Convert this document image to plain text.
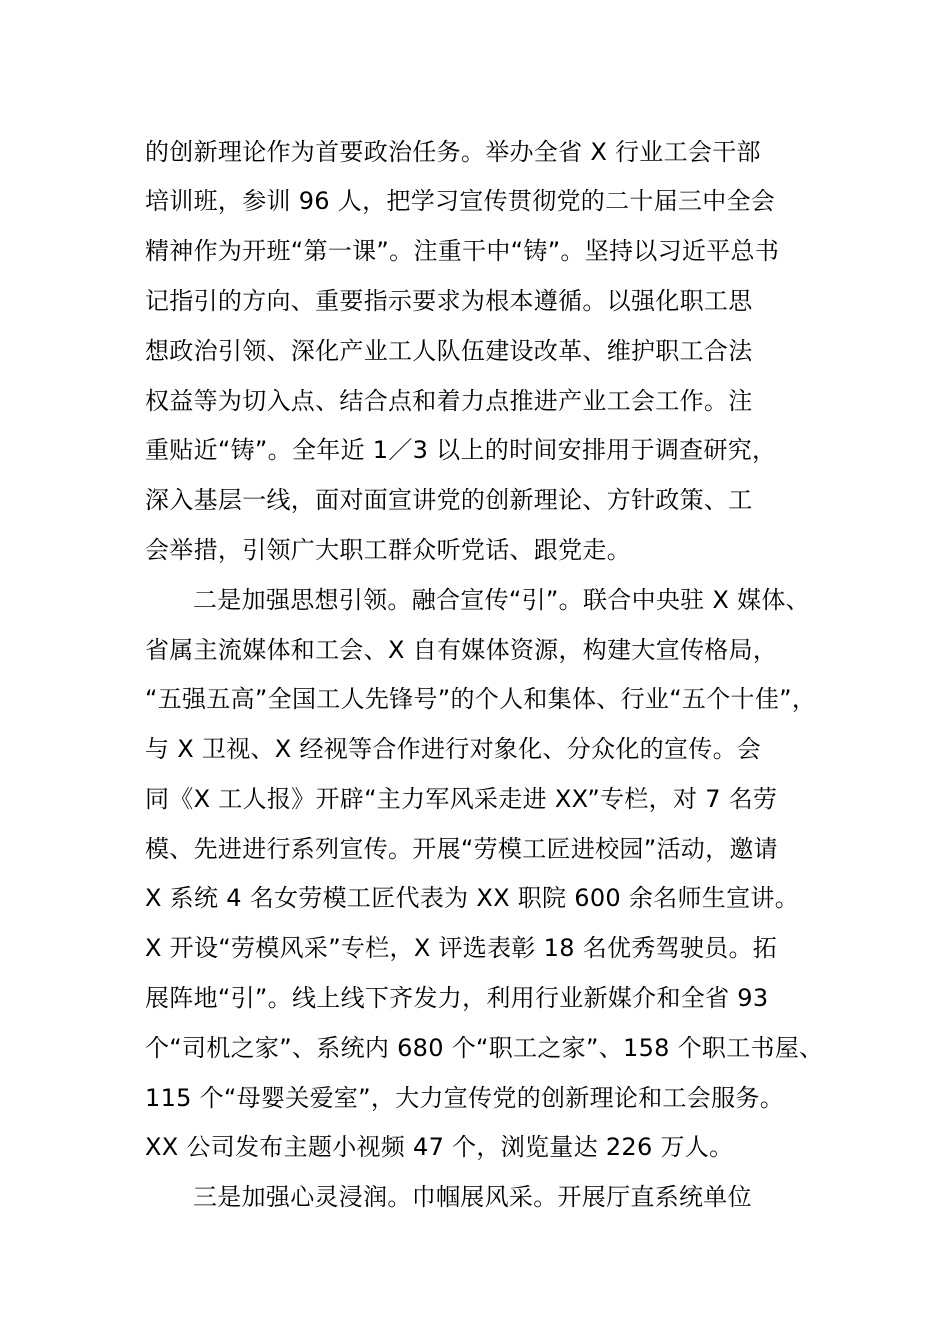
的创新理论作为首要政治任务。举办全省 X 行业工会干部
培训班，参训 96 人，把学习宣传贯彻党的二十届三中全会
精神作为开班“第一课”。注重干中“铸”。坚持以习近平总书
记指引的方向、重要指示要求为根本遵循。以强化职工思
想政治引领、深化产业工人队伍建设改革、维护职工合法
权益等为切入点、结合点和着力点推进产业工会工作。注
重贴近“铸”。全年近 1／3 以上的时间安排用于调查研究，
深入基层一线，面对面宣讲党的创新理论、方针政策、工
会举措，引领广大职工群众听党话、跟党走。
二是加强思想引领。融合宣传“引”。联合中央驻 X 媒体、
省属主流媒体和工会、X 自有媒体资源，构建大宣传格局，
“五强五高”全国工人先锋号”的个人和集体、行业“五个十佳”，
与 X 卫视、X 经视等合作进行对象化、分众化的宣传。会
同《X 工人报》开辟“主力军风采走进 XX”专栏，对 7 名劳
模、先进进行系列宣传。开展“劳模工匠进校园”活动，邀请
X 系统 4 名女劳模工匠代表为 XX 职院 600 余名师生宣讲。
X 开设“劳模风采”专栏，X 评选表彰 18 名优秀驾驶员。拓
展阵地“引”。线上线下齐发力，利用行业新媒介和全省 93
个“司机之家”、系统内 680 个“职工之家”、158 个职工书屋、
115 个“母婴关爱室”，大力宣传党的创新理论和工会服务。
XX 公司发布主题小视频 47 个，浏览量达 226 万人。
三是加强心灵浸润。巾帼展风采。开展厅直系统单位
